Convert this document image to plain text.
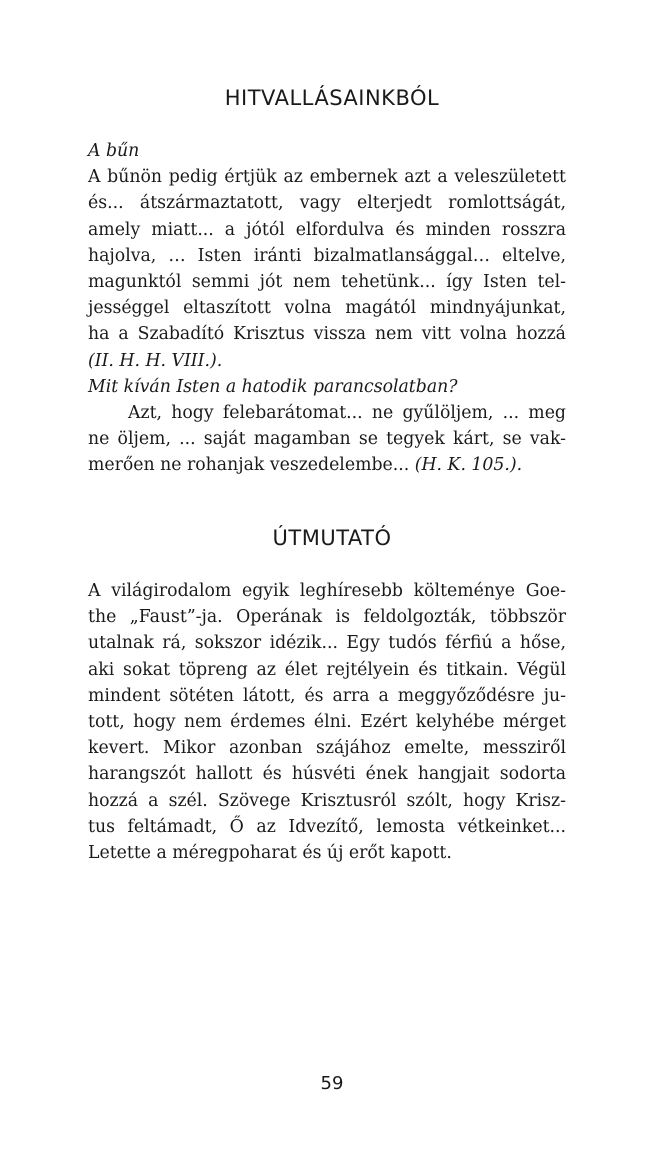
HITVALLÁSAINKBÓL
A bűn
A bűnön pedig értjük az embernek azt a veleszületett
és... átszármaztatott, vagy elterjedt romlottságát,
amely miatt... a jótól elfordulva és minden rosszra
hajolva, … Isten iránti bizalmatlansággal… eltelve,
magunktól semmi jót nem tehetünk... így Isten tel-
jességgel eltaszított volna magától mindnyájunkat,
ha a Szabadító Krisztus vissza nem vitt volna hozzá
(II. H. H. VIII.).
Mit kíván Isten a hatodik parancsolatban?
Azt, hogy felebarátomat... ne gyűlöljem, ... meg
ne öljem, ... saját magamban se tegyek kárt, se vak-
merően ne rohanjak veszedelembe... (H. K. 105.).
ÚTMUTATÓ
A világirodalom egyik leghíresebb költeménye Goe-
the „Faust”-ja. Operának is feldolgozták, többször
utalnak rá, sokszor idézik... Egy tudós férfiú a hőse,
aki sokat töpreng az élet rejtélyein és titkain. Végül
mindent sötéten látott, és arra a meggyőződésre ju-
tott, hogy nem érdemes élni. Ezért kelyhébe mérget
kevert. Mikor azonban szájához emelte, messziről
harangszót hallott és húsvéti ének hangjait sodorta
hozzá a szél. Szövege Krisztusról szólt, hogy Krisz-
tus feltámadt, Ő az Idvezítő, lemosta vétkeinket...
Letette a méregpoharat és új erőt kapott.
59
